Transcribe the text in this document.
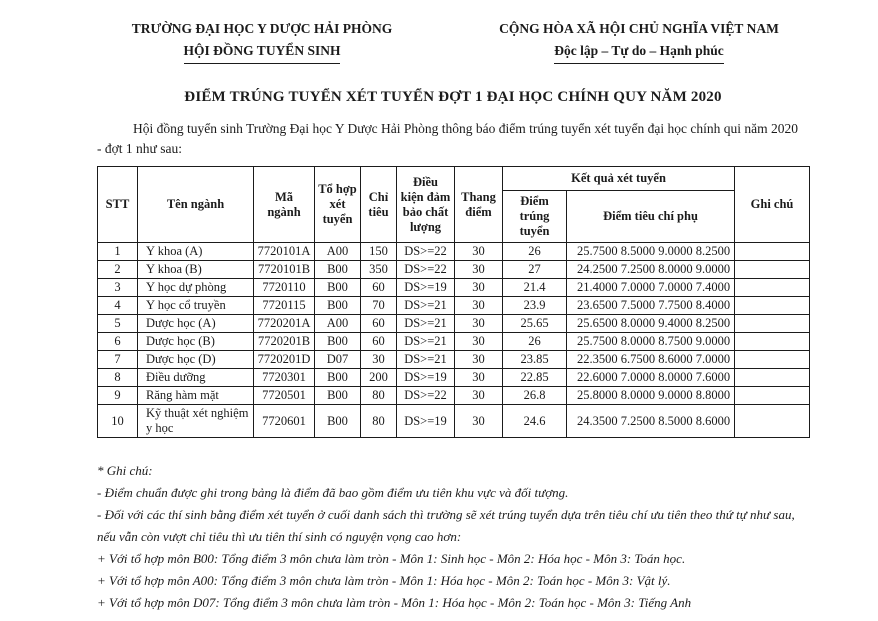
TRƯỜNG ĐẠI HỌC Y DƯỢC HẢI PHÒNG
HỘI ĐỒNG TUYỂN SINH
CỘNG HÒA XÃ HỘI CHỦ NGHĨA VIỆT NAM
Độc lập – Tự do – Hạnh phúc
ĐIỂM TRÚNG TUYỂN XÉT TUYỂN ĐỢT 1 ĐẠI HỌC CHÍNH QUY NĂM 2020
Hội đồng tuyển sinh Trường Đại học Y Dược Hải Phòng thông báo điểm trúng tuyển xét tuyển đại học chính qui năm 2020
- đợt 1 như sau:
STT	Tên ngành	Mã ngành	Tổ hợp xét tuyển	Chỉ tiêu	Điều kiện đảm bảo chất lượng	Thang điểm	Kết quả xét tuyển		Ghi chú
							Điểm trúng tuyển	Điểm tiêu chí phụ	
1	Y khoa (A)	7720101A	A00	150	DS>=22	30	26	25.7500 8.5000 9.0000 8.2500	
2	Y khoa (B)	7720101B	B00	350	DS>=22	30	27	24.2500 7.2500 8.0000 9.0000	
3	Y học dự phòng	7720110	B00	60	DS>=19	30	21.4	21.4000 7.0000 7.0000 7.4000	
4	Y học cổ truyền	7720115	B00	70	DS>=21	30	23.9	23.6500 7.5000 7.7500 8.4000	
5	Dược học (A)	7720201A	A00	60	DS>=21	30	25.65	25.6500 8.0000 9.4000 8.2500	
6	Dược học (B)	7720201B	B00	60	DS>=21	30	26	25.7500 8.0000 8.7500 9.0000	
7	Dược học (D)	7720201D	D07	30	DS>=21	30	23.85	22.3500 6.7500 8.6000 7.0000	
8	Điều dưỡng	7720301	B00	200	DS>=19	30	22.85	22.6000 7.0000 8.0000 7.6000	
9	Răng hàm mặt	7720501	B00	80	DS>=22	30	26.8	25.8000 8.0000 9.0000 8.8000	
10	Kỹ thuật xét nghiệm y học	7720601	B00	80	DS>=19	30	24.6	24.3500 7.2500 8.5000 8.6000	
* Ghi chú:
- Điểm chuẩn được ghi trong bảng là điểm đã bao gồm điểm ưu tiên khu vực và đối tượng.
- Đối với các thí sinh bằng điểm xét tuyển ở cuối danh sách thì trường sẽ xét trúng tuyển dựa trên tiêu chí ưu tiên theo thứ tự như sau, nếu vẫn còn vượt chỉ tiêu thì ưu tiên thí sinh có nguyện vọng cao hơn:
+ Với tổ hợp môn B00: Tổng điểm 3 môn chưa làm tròn - Môn 1: Sinh học - Môn 2: Hóa học - Môn 3: Toán học.
+ Với tổ hợp môn A00: Tổng điểm 3 môn chưa làm tròn - Môn 1: Hóa học - Môn 2: Toán học - Môn 3: Vật lý.
+ Với tổ hợp môn D07: Tổng điểm 3 môn chưa làm tròn - Môn 1: Hóa học - Môn 2: Toán học - Môn 3: Tiếng Anh
